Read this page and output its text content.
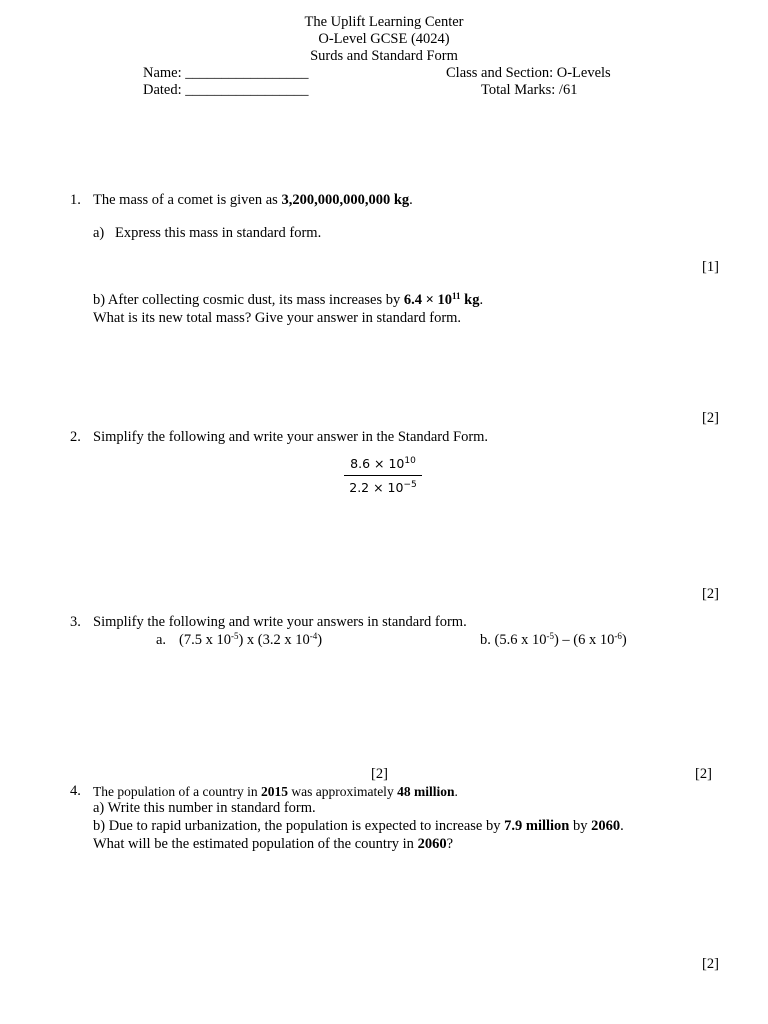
The Uplift Learning Center
O-Level GCSE (4024)
Surds and Standard Form
Name: _________________	Class and Section: O-Levels
Dated: _________________	Total Marks: /61
1. The mass of a comet is given as 3,200,000,000,000 kg.
a) Express this mass in standard form.
[1]
b) After collecting cosmic dust, its mass increases by $6.4 \times 10^{11}$ kg.
What is its new total mass? Give your answer in standard form.
[2]
2. Simplify the following and write your answer in the Standard Form.
$\frac{8.6 \times 10^{10}}{2.2 \times 10^{-5}}$
[2]
3. Simplify the following and write your answers in standard form.
a. (7.5 x $10^{-5}$) x (3.2 x $10^{-4}$)	b. (5.6 x $10^{-5}) - (6$ x $10^{-6}$)
[2]	[2]
4. The population of a country in 2015 was approximately 48 million.
a) Write this number in standard form.
b) Due to rapid urbanization, the population is expected to increase by 7.9 million by 2060.
What will be the estimated population of the country in 2060?
[2]
